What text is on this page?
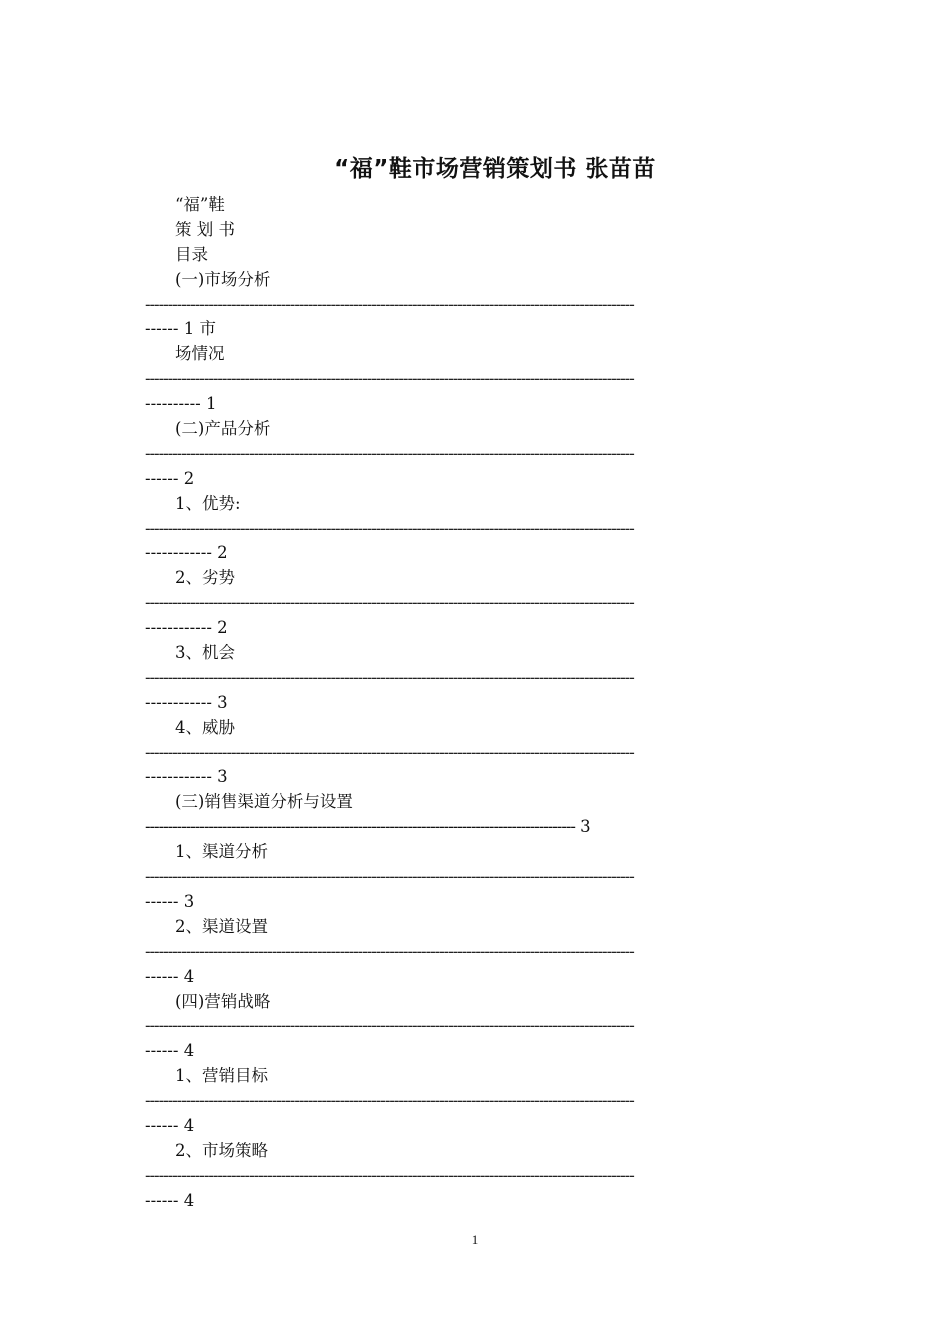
“福”鞋市场营销策划书 张苗苗
“福”鞋
策 划 书
目录
(一)市场分析
------------------------------------------------------------------------------------------------------------
------ 1 市
场情况
------------------------------------------------------------------------------------------------------------
---------- 1
(二)产品分析
------------------------------------------------------------------------------------------------------------
------ 2
1、优势:
------------------------------------------------------------------------------------------------------------
------------ 2
2、劣势
------------------------------------------------------------------------------------------------------------
------------ 2
3、机会
------------------------------------------------------------------------------------------------------------
------------ 3
4、威胁
------------------------------------------------------------------------------------------------------------
------------ 3
(三)销售渠道分析与设置
----------------------------------------------------------------------------------------------- 3
1、渠道分析
------------------------------------------------------------------------------------------------------------
------ 3
2、渠道设置
------------------------------------------------------------------------------------------------------------
------ 4
(四)营销战略
------------------------------------------------------------------------------------------------------------
------ 4
1、营销目标
------------------------------------------------------------------------------------------------------------
------ 4
2、市场策略
------------------------------------------------------------------------------------------------------------
------ 4
1
